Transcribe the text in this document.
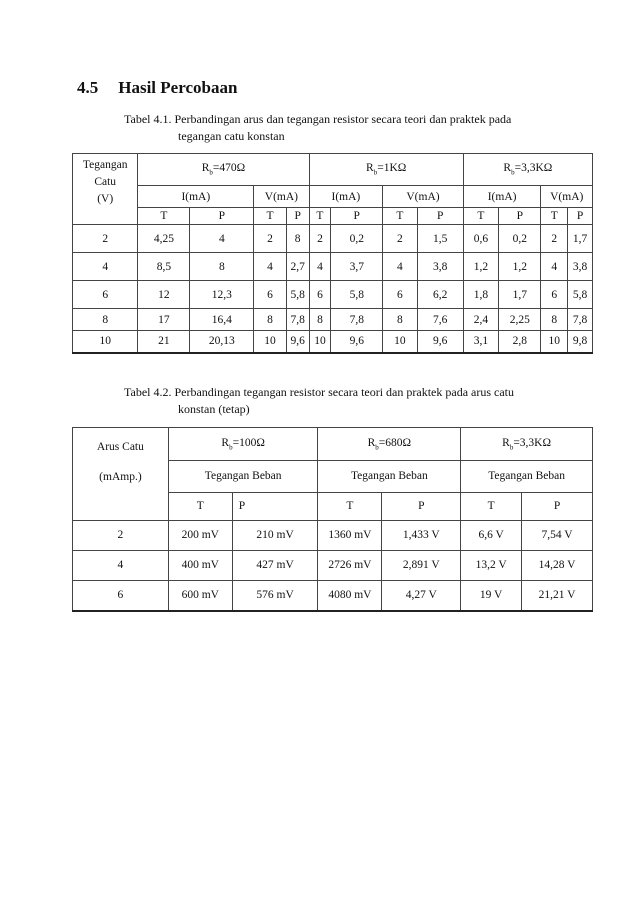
4.5 Hasil Percobaan
Tabel 4.1. Perbandingan arus dan tegangan resistor secara teori dan praktek pada
tegangan catu konstan
Tegangan
Catu
(V)	$R_b=470\Omega$				$R_b=1K\Omega$				$R_b=3,3K\Omega$			
	I(mA)		V(mA)		I(mA)		V(mA)		I(mA)		V(mA)	
	T	P	T	P	T	P	T	P	T	P	T	P
2	4,25	4	2	8	2	0,2	2	1,5	0,6	0,2	2	1,7
4	8,5	8	4	2,7	4	3,7	4	3,8	1,2	1,2	4	3,8
6	12	12,3	6	5,8	6	5,8	6	6,2	1,8	1,7	6	5,8
8	17	16,4	8	7,8	8	7,8	8	7,6	2,4	2,25	8	7,8
10	21	20,13	10	9,6	10	9,6	10	9,6	3,1	2,8	10	9,8
Tabel 4.2. Perbandingan tegangan resistor secara teori dan praktek pada arus catu
konstan (tetap)
Arus Catu
(mAmp.)	$R_b=100\Omega$		$R_b=680\Omega$		$R_b=3,3K\Omega$	
	Tegangan Beban		Tegangan Beban		Tegangan Beban	
	T	P	T	P	T	P
2	200 mV	210 mV	1360 mV	1,433 V	6,6 V	7,54 V
4	400 mV	427 mV	2726 mV	2,891 V	13,2 V	14,28 V
6	600 mV	576 mV	4080 mV	4,27 V	19 V	21,21 V
